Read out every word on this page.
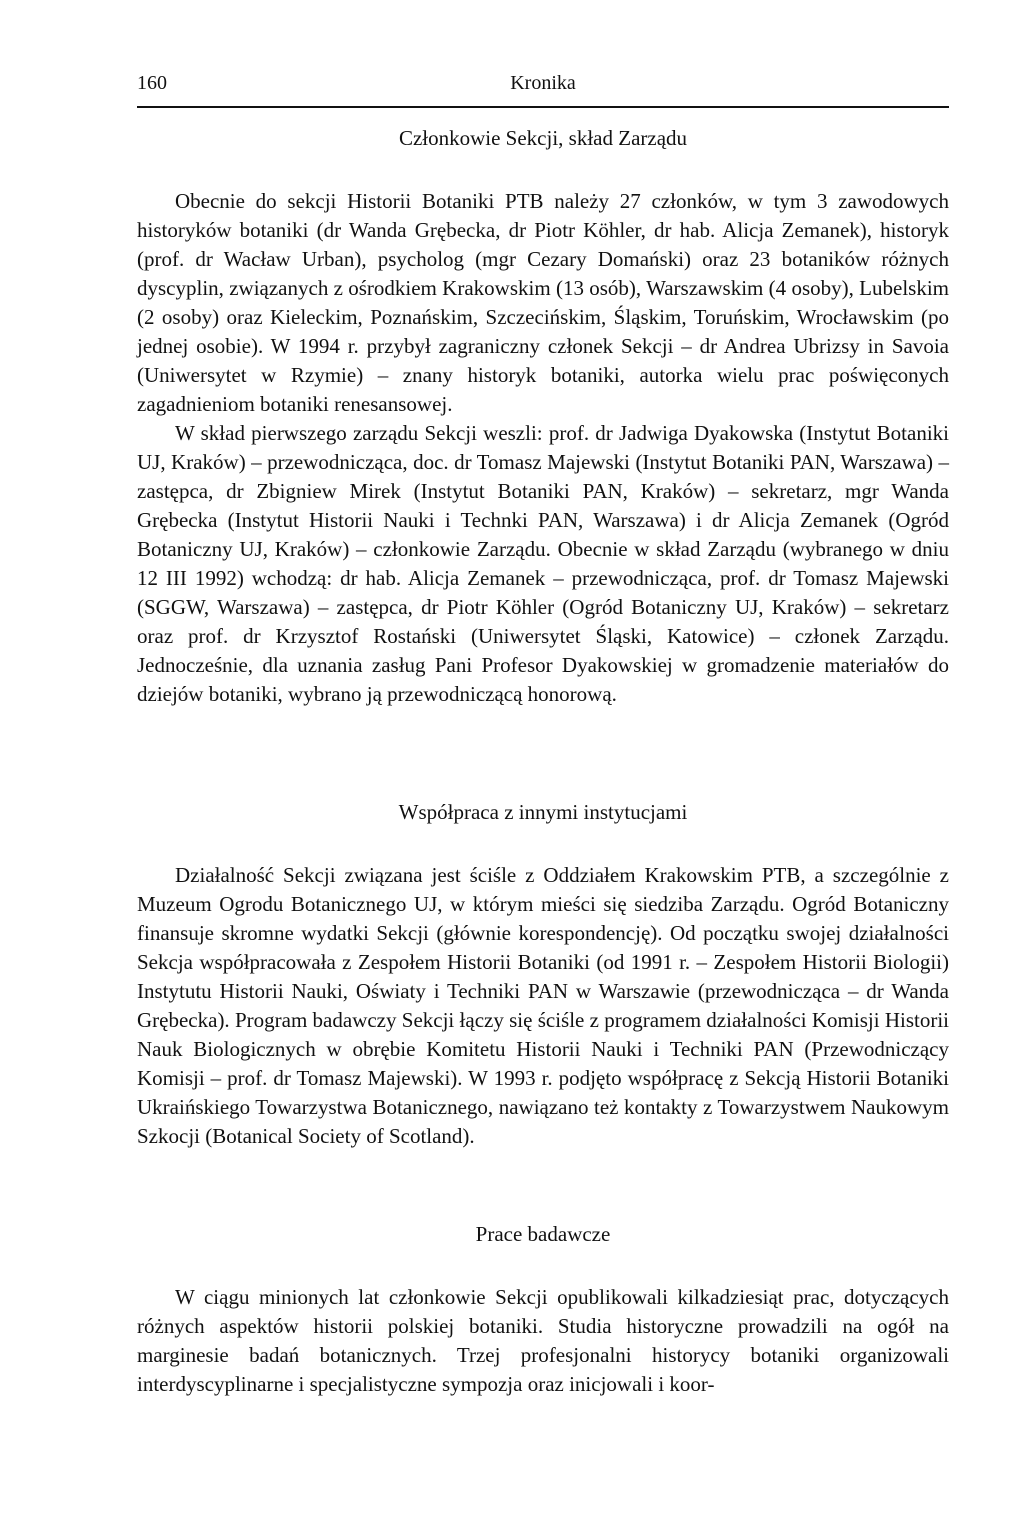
160	Kronika
Członkowie Sekcji, skład Zarządu

Obecnie do sekcji Historii Botaniki PTB należy 27 członków, w tym 3 zawodowych historyków botaniki (dr Wanda Grębecka, dr Piotr Köhler, dr hab. Alicja Zemanek), historyk (prof. dr Wacław Urban), psycholog (mgr Cezary Domański) oraz 23 botaników różnych dyscyplin, związanych z ośrodkiem Krakowskim (13 osób), Warszawskim (4 osoby), Lubelskim (2 osoby) oraz Kieleckim, Poznańskim, Szczecińskim, Śląskim, Toruńskim, Wrocławskim (po jednej osobie). W 1994 r. przybył zagraniczny członek Sekcji – dr Andrea Ubrizsy in Savoia (Uniwersytet w Rzymie) – znany historyk botaniki, autorka wielu prac poświęconych zagadnieniom botaniki renesansowej.

W skład pierwszego zarządu Sekcji weszli: prof. dr Jadwiga Dyakowska (Instytut Botaniki UJ, Kraków) – przewodnicząca, doc. dr Tomasz Majewski (Instytut Botaniki PAN, Warszawa) – zastępca, dr Zbigniew Mirek (Instytut Botaniki PAN, Kraków) – sekretarz, mgr Wanda Grębecka (Instytut Historii Nauki i Technki PAN, Warszawa) i dr Alicja Zemanek (Ogród Botaniczny UJ, Kraków) – członkowie Zarządu. Obecnie w skład Zarządu (wybranego w dniu 12 III 1992) wchodzą: dr hab. Alicja Zemanek – przewodnicząca, prof. dr Tomasz Majewski (SGGW, Warszawa) – zastępca, dr Piotr Köhler (Ogród Botaniczny UJ, Kraków) – sekretarz oraz prof. dr Krzysztof Rostański (Uniwersytet Śląski, Katowice) – członek Zarządu. Jednocześnie, dla uznania zasług Pani Profesor Dyakowskiej w gromadzenie materiałów do dziejów botaniki, wybrano ją przewodniczącą honorową.

Współpraca z innymi instytucjami

Działalność Sekcji związana jest ściśle z Oddziałem Krakowskim PTB, a szczególnie z Muzeum Ogrodu Botanicznego UJ, w którym mieści się siedziba Zarządu. Ogród Botaniczny finansuje skromne wydatki Sekcji (głównie korespondencję). Od początku swojej działalności Sekcja współpracowała z Zespołem Historii Botaniki (od 1991 r. – Zespołem Historii Biologii) Instytutu Historii Nauki, Oświaty i Techniki PAN w Warszawie (przewodnicząca – dr Wanda Grębecka). Program badawczy Sekcji łączy się ściśle z programem działalności Komisji Historii Nauk Biologicznych w obrębie Komitetu Historii Nauki i Techniki PAN (Przewodniczący Komisji – prof. dr Tomasz Majewski). W 1993 r. podjęto współpracę z Sekcją Historii Botaniki Ukraińskiego Towarzystwa Botanicznego, nawiązano też kontakty z Towarzystwem Naukowym Szkocji (Botanical Society of Scotland).

Prace badawcze

W ciągu minionych lat członkowie Sekcji opublikowali kilkadziesiąt prac, dotyczących różnych aspektów historii polskiej botaniki. Studia historyczne prowadzili na ogół na marginesie badań botanicznych. Trzej profesjonalni historycy botaniki organizowali interdyscyplinarne i specjalistyczne sympozja oraz inicjowali i koor-
